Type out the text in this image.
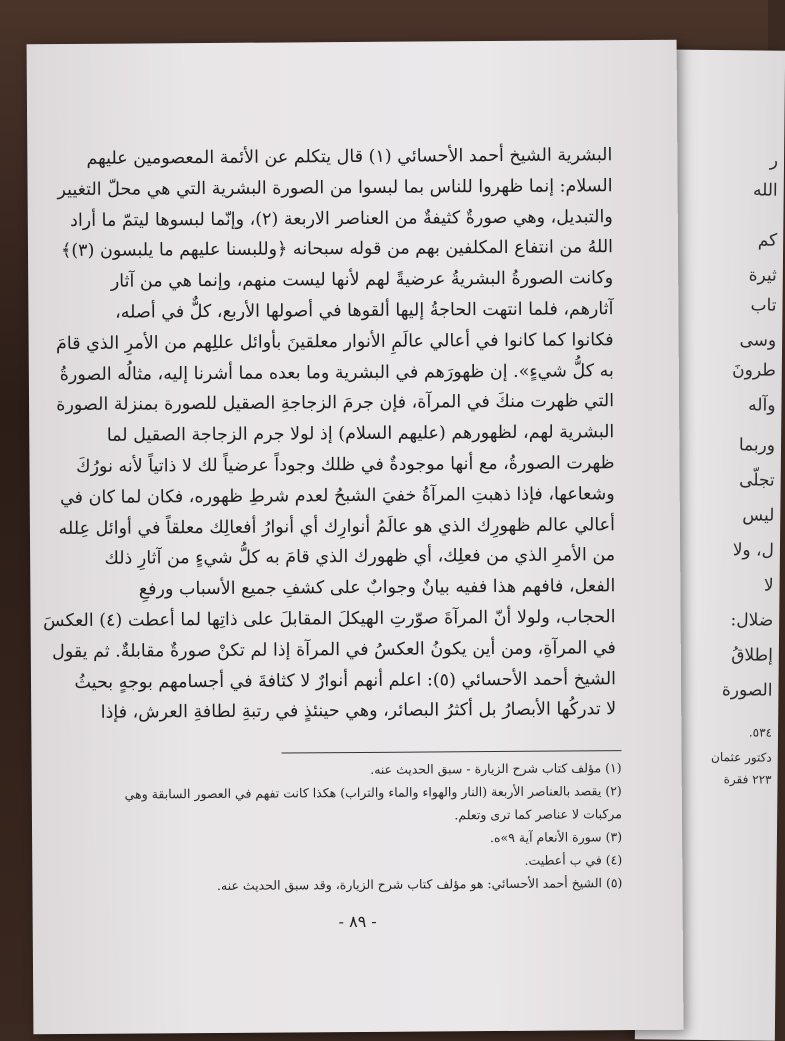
ر
الله
كم
ثيرة
تاب
وسى
طرونَ
وآله
وربما
تجلّى
ليس
ل، ولا
لا
ضلال:
إطلاقُ
الصورة
٥٣٤.
دكتور عثمان
٢٢٣ فقرة
البشرية الشيخ أحمد الأحسائي (١) قال يتكلم عن الأئمة المعصومين عليهم
السلام: إنما ظهروا للناس بما لبسوا من الصورة البشرية التي هي محلّ التغيير
والتبديل، وهي صورةٌ كثيفةٌ من العناصر الاربعة (٢)، وإنّما لبسوها ليتمّ ما أراد
اللهُ من انتفاع المكلفين بهم من قوله سبحانه ﴿وللبسنا عليهم ما يلبسون (٣)﴾
وكانت الصورةُ البشريةُ عرضيةً لهم لأنها ليست منهم، وإنما هي من آثار
آثارهم، فلما انتهت الحاجةُ إليها ألقوها في أصولها الأربع، كلٌّ في أصله،
فكانوا كما كانوا في أعالي عالَمِ الأنوار معلقينَ بأوائل عللِهم من الأمرِ الذي قامَ
به كلُّ شيءٍ». إن ظهورَهم في البشرية وما بعده مما أشرنا إليه، مثالُه الصورةُ
التي ظهرت منكَ في المرآة، فإن جرمَ الزجاجةِ الصقيل للصورة بمنزلة الصورة
البشرية لهم، لظهورهم (عليهم السلام) إذ لولا جرم الزجاجة الصقيل لما
ظهرت الصورةُ، مع أنها موجودةٌ في ظلك وجوداً عرضياً لك لا ذاتياً لأنه نورُكَ
وشعاعها، فإذا ذهبتِ المرآةُ خفيَ الشبحُ لعدم شرطِ ظهوره، فكان لما كان في
أعالي عالم ظهورِك الذي هو عالَمُ أنوارِك أي أنوارُ أفعالِك معلقاً في أوائل عِلله
من الأمرِ الذي من فعلِك، أي ظهورك الذي قامَ به كلُّ شيءٍ من آثارِ ذلك
الفعل، فافهم هذا ففيه بيانٌ وجوابٌ على كشفِ جميع الأسباب ورفعِ
الحجاب، ولولا أنّ المرآةَ صوّرتِ الهيكلَ المقابلَ على ذاتِها لما أعطت (٤) العكسَ
في المرآةِ، ومن أين يكونُ العكسُ في المرآة إذا لم تكنْ صورةٌ مقابلةٌ. ثم يقول
الشيخ أحمد الأحسائي (٥): اعلم أنهم أنوارٌ لا كثافةَ في أجسامهم بوجهٍ بحيثُ
لا تدركُها الأبصارُ بل أكثرُ البصائر، وهي حينئذٍ في رتبةِ لطافةِ العرش، فإذا
(١) مؤلف كتاب شرح الزيارة - سبق الحديث عنه.
(٢) يقصد بالعناصر الأربعة (النار والهواء والماء والتراب) هكذا كانت تفهم في العصور السابقة وهي
مركبات لا عناصر كما ترى وتعلم.
(٣) سورة الأنعام آية ٩»ه.
(٤) في ب أعطيت.
(٥) الشيخ أحمد الأحسائي: هو مؤلف كتاب شرح الزيارة، وقد سبق الحديث عنه.
- ٨٩ -
